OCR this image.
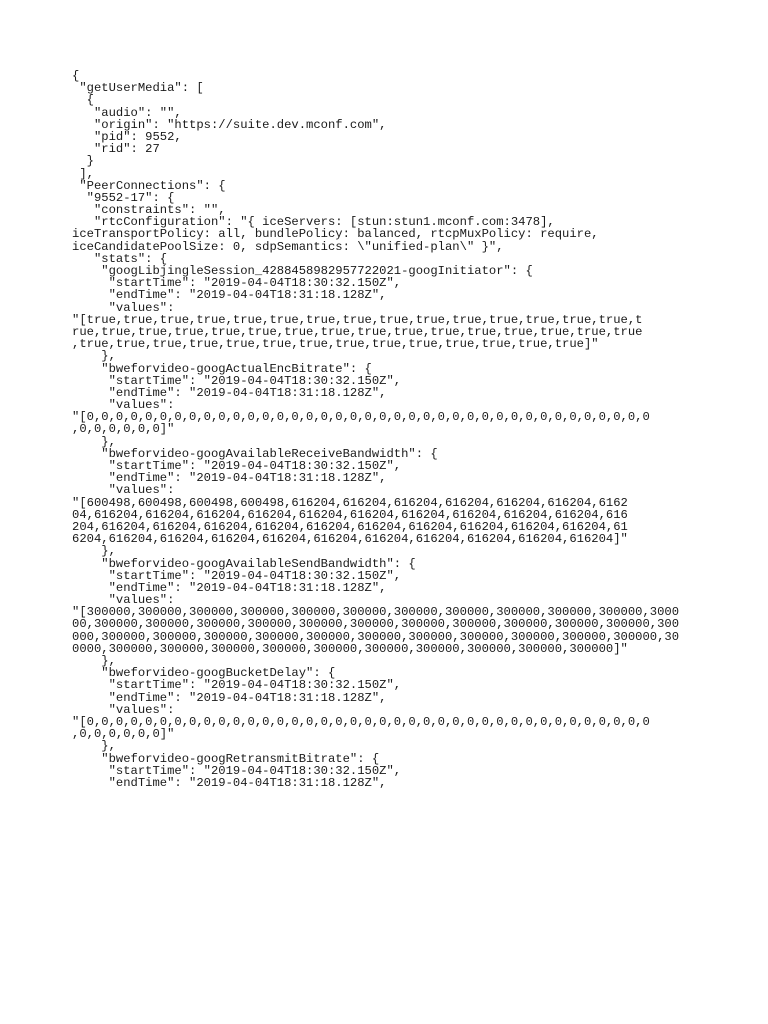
{
"getUserMedia": [
{
"audio": "",
"origin": "https://suite.dev.mconf.com",
"pid": 9552,
"rid": 27
}
],
"PeerConnections": {
"9552-17": {
"constraints": "",
"rtcConfiguration": "{ iceServers: [stun:stun1.mconf.com:3478],
iceTransportPolicy: all, bundlePolicy: balanced, rtcpMuxPolicy: require,
iceCandidatePoolSize: 0, sdpSemantics: \"unified-plan\" }",
"stats": {
"googLibjingleSession_4288458982957722021-googInitiator": {
"startTime": "2019-04-04T18:30:32.150Z",
"endTime": "2019-04-04T18:31:18.128Z",
"values":
"[true,true,true,true,true,true,true,true,true,true,true,true,true,true,true,t
rue,true,true,true,true,true,true,true,true,true,true,true,true,true,true,true
,true,true,true,true,true,true,true,true,true,true,true,true,true,true]"
},
"bweforvideo-googActualEncBitrate": {
"startTime": "2019-04-04T18:30:32.150Z",
"endTime": "2019-04-04T18:31:18.128Z",
"values":
"[0,0,0,0,0,0,0,0,0,0,0,0,0,0,0,0,0,0,0,0,0,0,0,0,0,0,0,0,0,0,0,0,0,0,0,0,0,0,0
,0,0,0,0,0,0]"
},
"bweforvideo-googAvailableReceiveBandwidth": {
"startTime": "2019-04-04T18:30:32.150Z",
"endTime": "2019-04-04T18:31:18.128Z",
"values":
"[600498,600498,600498,600498,616204,616204,616204,616204,616204,616204,6162
04,616204,616204,616204,616204,616204,616204,616204,616204,616204,616204,616
204,616204,616204,616204,616204,616204,616204,616204,616204,616204,616204,61
6204,616204,616204,616204,616204,616204,616204,616204,616204,616204,616204]"
},
"bweforvideo-googAvailableSendBandwidth": {
"startTime": "2019-04-04T18:30:32.150Z",
"endTime": "2019-04-04T18:31:18.128Z",
"values":
"[300000,300000,300000,300000,300000,300000,300000,300000,300000,300000,300000,3000
00,300000,300000,300000,300000,300000,300000,300000,300000,300000,300000,300000,300
000,300000,300000,300000,300000,300000,300000,300000,300000,300000,300000,300000,30
0000,300000,300000,300000,300000,300000,300000,300000,300000,300000,300000]"
},
"bweforvideo-googBucketDelay": {
"startTime": "2019-04-04T18:30:32.150Z",
"endTime": "2019-04-04T18:31:18.128Z",
"values":
"[0,0,0,0,0,0,0,0,0,0,0,0,0,0,0,0,0,0,0,0,0,0,0,0,0,0,0,0,0,0,0,0,0,0,0,0,0,0,0
,0,0,0,0,0,0]"
},
"bweforvideo-googRetransmitBitrate": {
"startTime": "2019-04-04T18:30:32.150Z",
"endTime": "2019-04-04T18:31:18.128Z",
